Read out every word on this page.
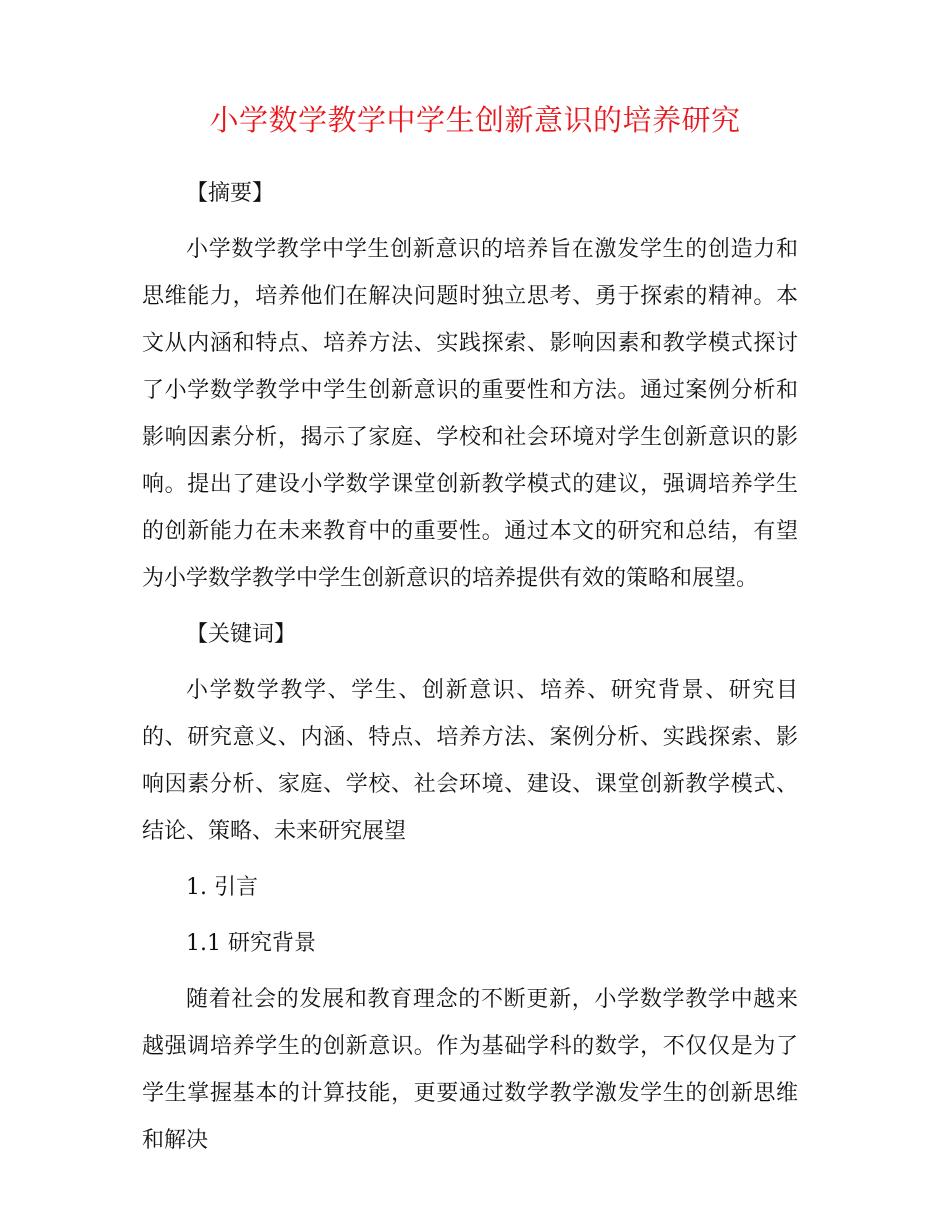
小学数学教学中学生创新意识的培养研究

【摘要】

小学数学教学中学生创新意识的培养旨在激发学生的创造力和思维能力，培养他们在解决问题时独立思考、勇于探索的精神。本文从内涵和特点、培养方法、实践探索、影响因素和教学模式探讨了小学数学教学中学生创新意识的重要性和方法。通过案例分析和影响因素分析，揭示了家庭、学校和社会环境对学生创新意识的影响。提出了建设小学数学课堂创新教学模式的建议，强调培养学生的创新能力在未来教育中的重要性。通过本文的研究和总结，有望为小学数学教学中学生创新意识的培养提供有效的策略和展望。

【关键词】

小学数学教学、学生、创新意识、培养、研究背景、研究目的、研究意义、内涵、特点、培养方法、案例分析、实践探索、影响因素分析、家庭、学校、社会环境、建设、课堂创新教学模式、结论、策略、未来研究展望

1. 引言

1.1 研究背景

随着社会的发展和教育理念的不断更新，小学数学教学中越来越强调培养学生的创新意识。作为基础学科的数学，不仅仅是为了学生掌握基本的计算技能，更要通过数学教学激发学生的创新思维和解决
